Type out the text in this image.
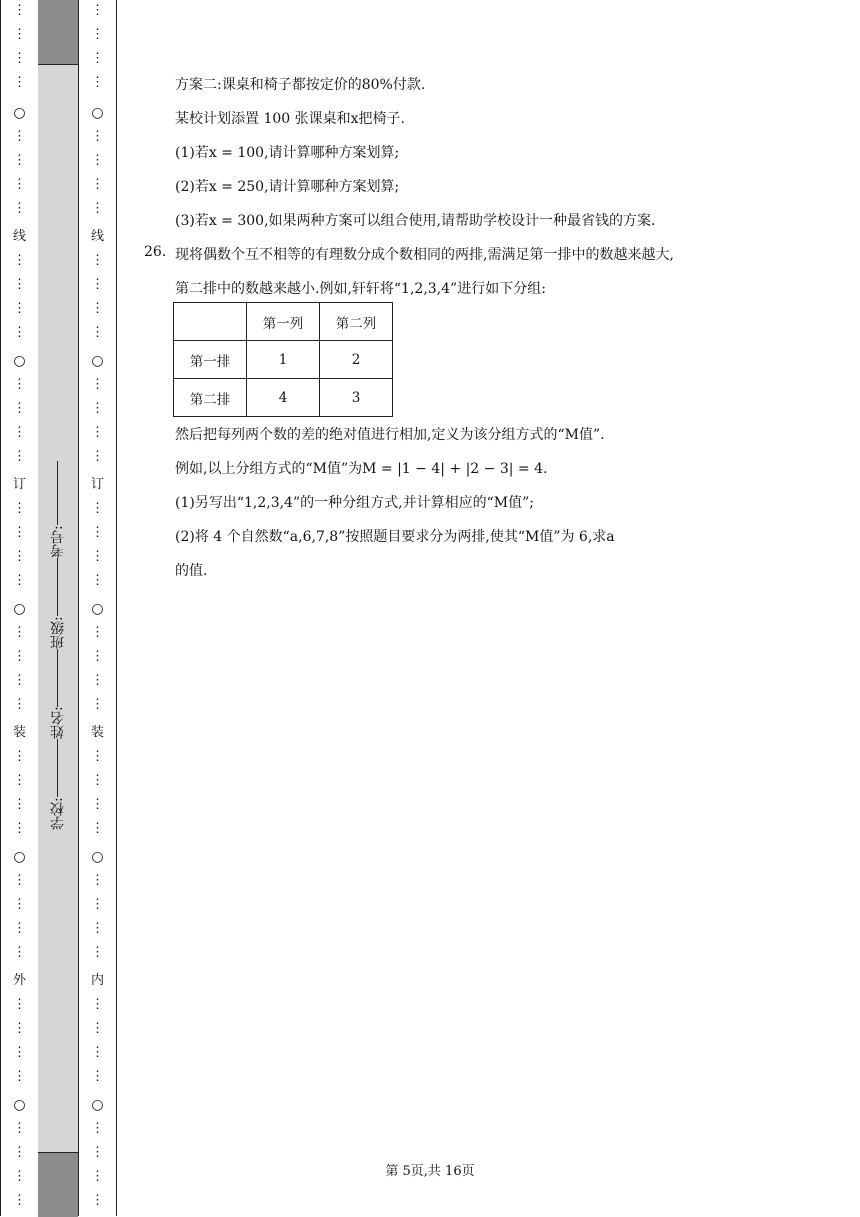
○
○
○
○
○
线
订
装
外
⋮
⋮
⋮
⋮
⋮
⋮
⋮
⋮
⋮
⋮
⋮
⋮
⋮
⋮
⋮
⋮
⋮
⋮
⋮
⋮
⋮
⋮
⋮
⋮
⋮
⋮
⋮
⋮
⋮
⋮
⋮
⋮
⋮
⋮
⋮
⋮
⋮
⋮
⋮
⋮
学校:
姓名:
班级:
考号:
○
○
○
○
○
线
订
装
内
⋮
⋮
⋮
⋮
⋮
⋮
⋮
⋮
⋮
⋮
⋮
⋮
⋮
⋮
⋮
⋮
⋮
⋮
⋮
⋮
⋮
⋮
⋮
⋮
⋮
⋮
⋮
⋮
⋮
⋮
⋮
⋮
⋮
⋮
⋮
⋮
⋮
⋮
⋮
⋮
方案二:课桌和椅子都按定价的80%付款.
某校计划添置 100 张课桌和x把椅子.
(1)若x = 100,请计算哪种方案划算;
(2)若x = 250,请计算哪种方案划算;
(3)若x = 300,如果两种方案可以组合使用,请帮助学校设计一种最省钱的方案.
26. 现将偶数个互不相等的有理数分成个数相同的两排,需满足第一排中的数越来越大,
第二排中的数越来越小.例如,轩轩将“1,2,3,4”进行如下分组:
	第一列	第二列
第一排	1	2
第二排	4	3
然后把每列两个数的差的绝对值进行相加,定义为该分组方式的“M值”.
例如,以上分组方式的“M值”为M = |1 − 4| + |2 − 3| = 4.
(1)另写出“1,2,3,4”的一种分组方式,并计算相应的“M值”;
(2)将 4 个自然数“a,6,7,8”按照题目要求分为两排,使其“M值”为 6,求a
的值.
第 5页,共 16页
